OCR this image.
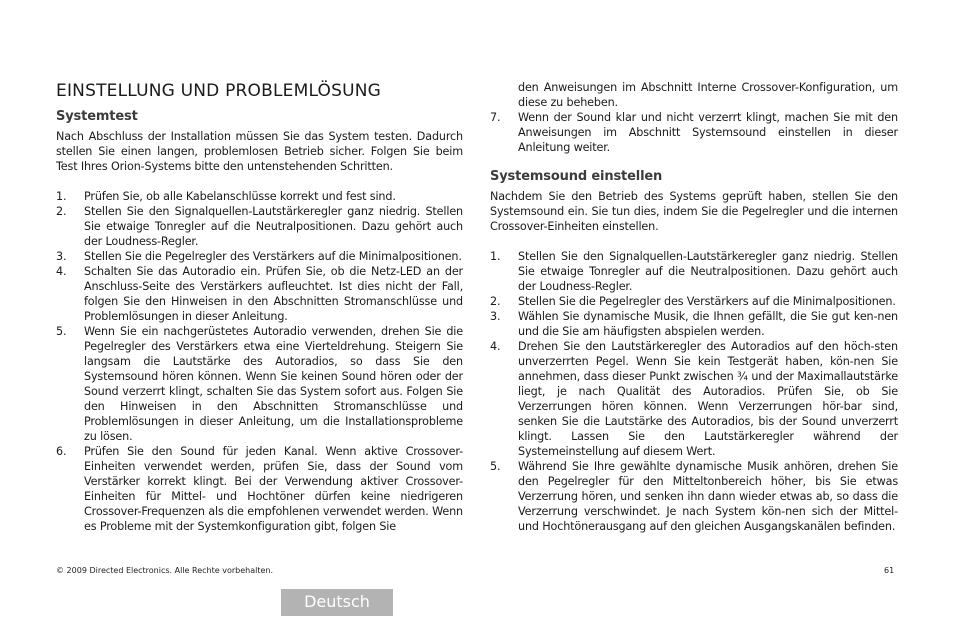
EINSTELLUNG UND PROBLEMLÖSUNG
Systemtest

Nach Abschluss der Installation müssen Sie das System testen. Dadurch stellen Sie einen langen, problemlosen Betrieb sicher. Folgen Sie beim Test Ihres Orion-Systems bitte den untenstehenden Schritten.

1. Prüfen Sie, ob alle Kabelanschlüsse korrekt und fest sind.
2. Stellen Sie den Signalquellen-Lautstärkeregler ganz niedrig. Stellen Sie etwaige Tonregler auf die Neutralpositionen. Dazu gehört auch der Loudness-Regler.
3. Stellen Sie die Pegelregler des Verstärkers auf die Minimalpositionen.
4. Schalten Sie das Autoradio ein. Prüfen Sie, ob die Netz-LED an der Anschluss-Seite des Verstärkers aufleuchtet. Ist dies nicht der Fall, folgen Sie den Hinweisen in den Abschnitten Stromanschlüsse und Problemlösungen in dieser Anleitung.
5. Wenn Sie ein nachgerüstetes Autoradio verwenden, drehen Sie die Pegelregler des Verstärkers etwa eine Vierteldrehung. Steigern Sie langsam die Lautstärke des Autoradios, so dass Sie den Systemsound hören können. Wenn Sie keinen Sound hören oder der Sound verzerrt klingt, schalten Sie das System sofort aus. Folgen Sie den Hinweisen in den Abschnitten Stromanschlüsse und Problemlösungen in dieser Anleitung, um die Installationsprobleme zu lösen.
6. Prüfen Sie den Sound für jeden Kanal. Wenn aktive Crossover-Einheiten verwendet werden, prüfen Sie, dass der Sound vom Verstärker korrekt klingt. Bei der Verwendung aktiver Crossover-Einheiten für Mittel- und Hochtöner dürfen keine niedrigeren Crossover-Frequenzen als die empfohlenen verwendet werden. Wenn es Probleme mit der Systemkonfiguration gibt, folgen Sie

den Anweisungen im Abschnitt Interne Crossover-Konfiguration, um diese zu beheben.

7. Wenn der Sound klar und nicht verzerrt klingt, machen Sie mit den Anweisungen im Abschnitt Systemsound einstellen in dieser Anleitung weiter.
Systemsound einstellen

Nachdem Sie den Betrieb des Systems geprüft haben, stellen Sie den Systemsound ein. Sie tun dies, indem Sie die Pegelregler und die internen Crossover-Einheiten einstellen.

1. Stellen Sie den Signalquellen-Lautstärkeregler ganz niedrig. Stellen Sie etwaige Tonregler auf die Neutralpositionen. Dazu gehört auch der Loudness-Regler.
2. Stellen Sie die Pegelregler des Verstärkers auf die Minimalpositionen.
3. Wählen Sie dynamische Musik, die Ihnen gefällt, die Sie gut ken-nen und die Sie am häufigsten abspielen werden.
4. Drehen Sie den Lautstärkeregler des Autoradios auf den höch-sten unverzerrten Pegel. Wenn Sie kein Testgerät haben, kön-nen Sie annehmen, dass dieser Punkt zwischen ¾ und der Maximallautstärke liegt, je nach Qualität des Autoradios. Prüfen Sie, ob Sie Verzerrungen hören können. Wenn Verzerrungen hör-bar sind, senken Sie die Lautstärke des Autoradios, bis der Sound unverzerrt klingt. Lassen Sie den Lautstärkeregler während der Systemeinstellung auf diesem Wert.
5. Während Sie Ihre gewählte dynamische Musik anhören, drehen Sie den Pegelregler für den Mitteltonbereich höher, bis Sie etwas Verzerrung hören, und senken ihn dann wieder etwas ab, so dass die Verzerrung verschwindet. Je nach System kön-nen sich der Mittel- und Hochtönerausgang auf den gleichen Ausgangskanälen befinden.
© 2009 Directed Electronics. Alle Rechte vorbehalten.	61
Deutsch
